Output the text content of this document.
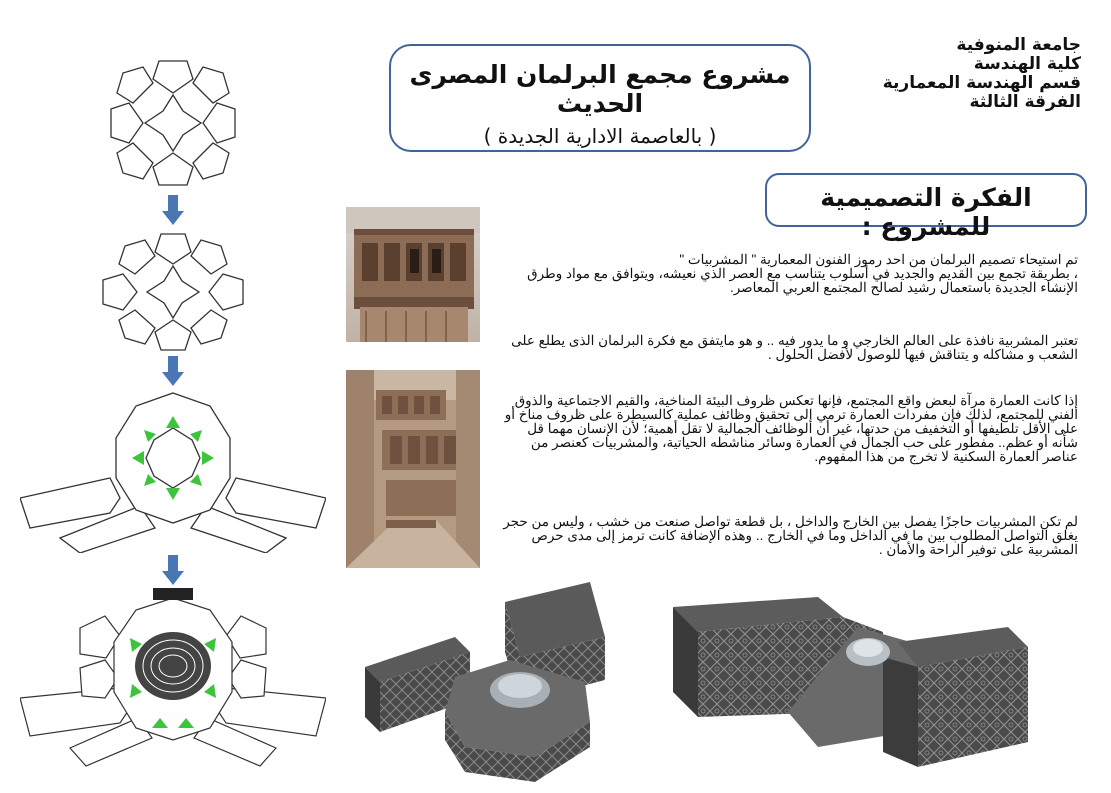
مشروع مجمع البرلمان المصرى الحديث
( بالعاصمة الادارية الجديدة )
جامعة المنوفية
كلية الهندسة
قسم الهندسة المعمارية
الفرقة الثالثة
الفكرة التصميمية للمشروع :
تم استيحاء تصميم البرلمان من احد رموز الفنون المعمارية " المشربيات "
، بطريقة تجمع بين القديم والجديد في أسلوب يتناسب مع العصر الذي نعيشه، ويتوافق مع مواد وطرق الإنشاء الجديدة باستعمال رشيد لصالح المجتمع العربي المعاصر.
تعتبر المشربية نافذة على العالم الخارجي و ما يدور فيه .. و هو مايتفق مع فكرة البرلمان الذى يطلع على الشعب و مشاكله و يتناقش فيها للوصول لأفضل الحلول .
إذا كانت العمارة مرآة لبعض واقع المجتمع، فإنها تعكس ظروف البيئة المناخية، والقيم الاجتماعية والذوق الفني للمجتمع، لذلك فإن مفردات العمارة ترمي إلى تحقيق وظائف عملية كالسيطرة على ظروف مناخ أو على الأقل تلطيفها أو التخفيف من حدتها، غير أن الوظائف الجمالية لا تقل أهمية؛ لأن الإنسان مهما قل شأنه أو عظم.. مفطور على حب الجمال في العمارة وسائر مناشطه الحياتية، والمشربيات كعنصر من عناصر العمارة السكنية لا تخرج من هذا المفهوم.
لم تكن المشربيات حاجزًا يفصل بين الخارج والداخل ، بل قطعة تواصل صنعت من خشب ، وليس من حجر يغلق التواصل المطلوب بين ما في الداخل وما في الخارج .. وهذه الإضافة كانت ترمز إلى مدى حرص المشربية على توفير الراحة والأمان .
